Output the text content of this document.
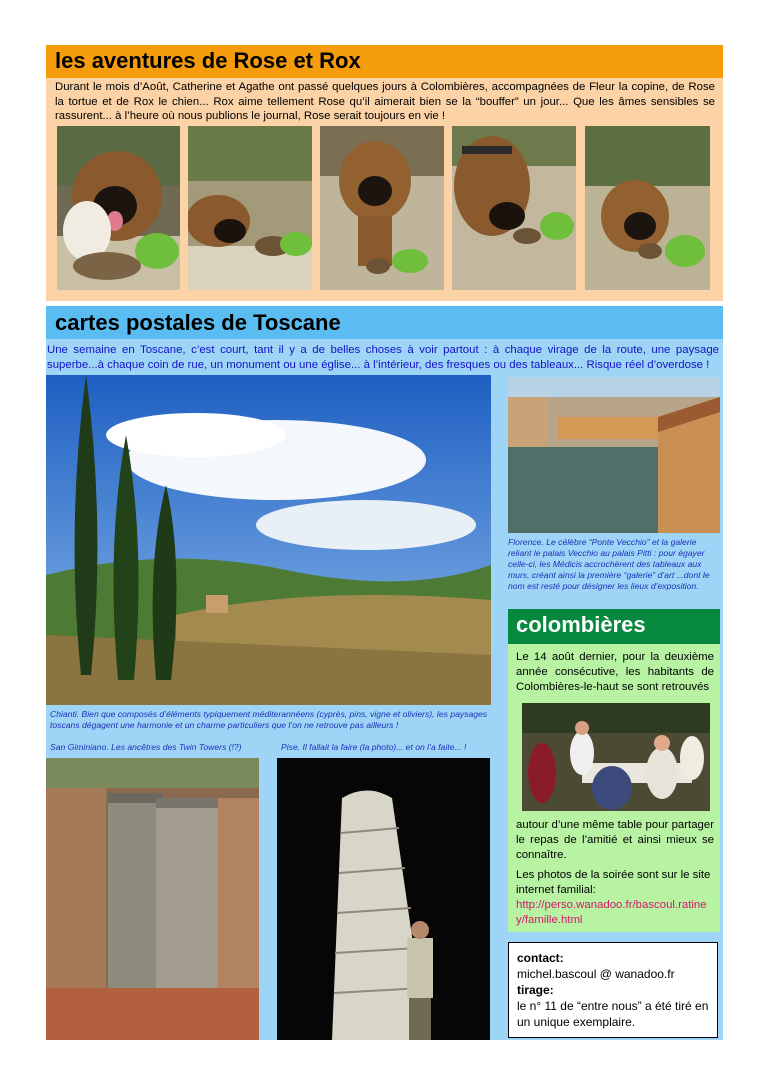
les aventures de Rose et Rox
Durant le mois d’Août, Catherine et Agathe ont passé quelques jours à Colombières, accompagnées de Fleur la copine, de Rose la tortue et de Rox le chien... Rox aime tellement Rose qu’il aimerait bien se la “bouffer” un jour... Que les âmes sensibles se rassurent... à l’heure où nous publions le journal, Rose serait toujours en vie !
cartes postales de Toscane
Une semaine en Toscane, c’est court, tant il y a de belles choses à voir partout : à chaque virage de la route, une paysage superbe...à chaque coin de rue, un monument ou une église... à l’intérieur, des fresques ou des tableaux... Risque réel d’overdose !
Florence. Le célèbre “Ponte Vecchio” et la galerie reliant le palais Vecchio au palais Pitti : pour égayer celle-ci, les Médicis accrochèrent des tableaux aux murs, créant ainsi la première “galerie” d’art ...dont le nom est resté pour désigner les lieux d’exposition.
Chianti. Bien que composés d’éléments typiquement méditerannéens (cyprès, pins, vigne et oliviers), les paysages toscans dégagent une harmonie et un charme particuliers que l’on ne retrouve pas ailleurs !
San Giminiano. Les ancêtres des Twin Towers (!?)	Pise. Il fallait la faire (la photo)... et on l’a faite... !
colombières
Le 14 août dernier, pour la deuxième année consécutive, les habitants de Colombières-le-haut se sont retrouvés
autour d’une même table pour partager le repas de l’amitié et ainsi mieux se connaître.
Les photos de la soirée sont sur le site internet familial:
http://perso.wanadoo.fr/bascoul.ratiney/famille.html
contact:
michel.bascoul @ wanadoo.fr
tirage:
le n° 11 de “entre nous” a été tiré en un unique exemplaire.
